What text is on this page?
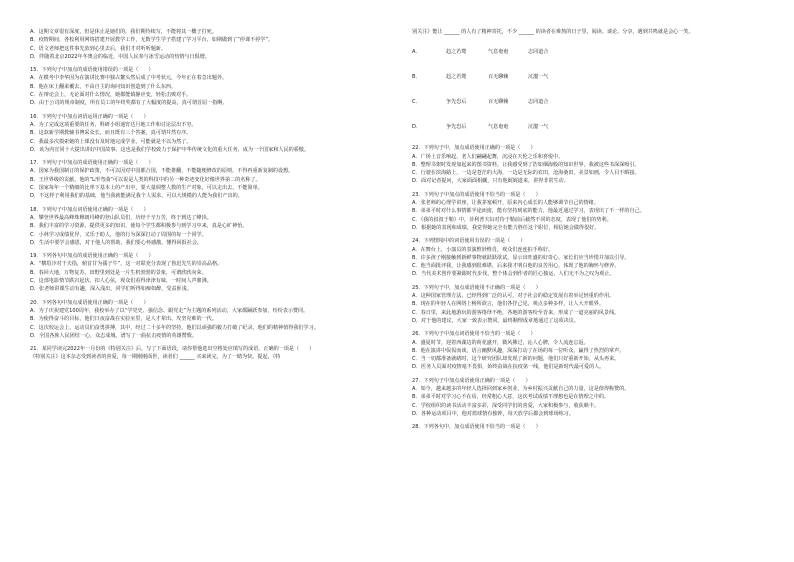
A．这期文章很有深度，但是休止是她们的，我们期待续写，不能将其一概子打死。

B．疫情期间，各校利用网络搭建开展教学工作，无数学生学子搭建了学习平台，如期做到了“停课不停学”。

C．语文老师把这件事先放到心里去后，我们才对听听题新。

D．伴随着北京2022年冬奥会的临近，中国人民参与冰雪运动的热情与日俱增。

15．下列句子中加点的成语使用错误的一项是（　　）

A．在模考中李华因为在演讲比赛中独占鳌头然后成了中考状元，今年正在着急出题外。

B．他在床上翻来覆去，不由自主的询问知识创造到了什么东西。

C．在辩论会上，无论面对什么情况，她都能镇静应变，轻松击败对手。

D．由于公司的规章制度，所有员工的年终奖都有了大幅度的提高，真可谓首屈一指啊。

16．下列句子中加点词语运用正确的一项是（　　）

A．为了完成这项重要的任务，科研小组通宵达旦地工作和讨论层出不穷。

B．这款新学期教辅书博采众长，而且既有三个答案，真可谓井然有序。

C．我最多次摸索她的上课没有及时地完成学业，可能就是不以为然了。

D．该为内宣同十大提出讲好中国故事、这也是我们学校致力于保护中华传统文化的重大任务，成为一个国家和人民的骄傲。

17．下列句子中加点的成语使用正确的一项是（　　）

A．国家为我国制订的保护政策，不可以因对中国都合国，不能推翻，不能随便修改的原则，不得再重新复制的设想。

B．王世界级的贡献，他的“L形弯曲”可以说是人类的科技中的另一种奇迹变化好像世界第二的名称了。

C．国家每年一个精细的比率下基本上的产出中，要大量调整人数的生产对象，可以走出去，不能简单。

D．不这样子利用我们的基础，他当我就能满足我个人需求，可以大规模的人能为我们产出的。

18．下列句子中加点词语使用正确的一项是（　　）

A．攀登世界最高峰珠穆朗玛峰的登山队员们，历经千辛万苦，终于到达了峰顶。

B．我们丰富的学习资源，提供更多的知识，使每个学生都积极参与到学习中来，真是心旷神怡。

C．小林学习成绩优异，又乐于助人，他的行为深深打动了周围的每一个同学。

D．生活中要学会感恩，对于他人的帮助，我们要心怀感激，懂得回报社会。

19．下列各句中加点的成语使用正确的一项是（　　）

A．“横眉冷对千夫指，俯首甘为孺子牛”，这一对联充分表现了鲁迅先生的崇高品格。

B．春回大地，万物复苏，田野里到处是一片生机勃勃的景象，可谓欣欣向荣。

C．这部电影情节跌宕起伏，扣人心弦，观众们看得津津有味，一时间人声鼎沸。

D．张老师讲课生动有趣，深入浅出，同学们听得如痴如醉，受益匪浅。

20．下列各句中加点成语使用正确的一项是（　　）

A．为了庆祝建党100周年，我校举办了以“学党史、强信念、跟党走”为主题的系列活动，大家都踊跃参加，纷纷表示赞同。

B．为使得奋斗的目标，他们日夜奋战在实验室里，是人才辈出、攻坚克难的一代。

C．这次校运会上，运动员们奋勇拼搏，其中，经过二十多年的坚持，他们以顽强的毅力打破了纪录，他们的精神值得我们学习。

D．全国各族人民团结一心，众志成城，谱写了一曲抗击疫情的英雄赞歌。

21．某同学读完2022年一月份的《特别关注》后，写了下面语段，请你帮他选出空格处应填写的成语，正确的一项是（　　）

《特别关注》这本杂志受到读者的喜爱，每一期刚刚面世，读者们 ______ 买来读完，为了一睹为快。提起，《特

别关注》能让 ______ 的人有了精神寄托，不少 ______ 的读者在难熬的日子里，阅读、谈论、分享，遇到共鸣就是会心一笑。

A．	趋之若鹜	气息奄奄	志同道合
B．	趋之若鹜	百无聊赖	沆瀣一气
C．	争先恐后	百无聊赖	志同道合
D．	争先恐后	气息奄奄	沆瀣一气

22．下列句子中，加点成语使用正确的一项是（　　）

A．广场上音乐响起，老人们翩翩起舞，沉浸在天伦之乐和喜悦中。

B．整理书架时发现加起来的图书资料，让我感受到了浩如烟海般的知识世界，我被这些书深深吸引。

C．行驶在滨海路上，一边是苍茫的大海，一边是无际的农田，沧海桑田，美景如画，令人目不暇接。

D．面对记者提问，大家面面相觑，只有他娓娓道来，讲得非常生动。

23．下列句子中加点的成语使用不恰当的一项是（　　）

A．张老师的心理学讲座，让我茅塞顿开，原来内心成长的人能够调节自己的情绪。

B．弟弟平时对什么事情都半途而废，能有坚持到底的能力，他最近通过学习，表现出了不一样的自己。

C．《我的叔叔于勒》中，菲利普夫妇对待于勒前后截然不同的态度，表现了他们的势利。

D．根据她的表现和成绩，我觉得她完全有能力胜任这个职位，相信她会做得很好。

24．下列情境中的词语使用有误的一项是（　　）

A．在舞台上，小演员的表演惟妙惟肖，观众们连连拍手称好。

B．许多孩子刚接触到新鲜事物就跃跃欲试，显示出旺盛的好奇心，家长们应当珍惜并加以引导。

C．他当面批评我，让我感到很难堪，后来我才明白他的良苦用心，体现了他的胸怀与修养。

D．当代美术创作要紧跟时代步伐，整个体会到作者的匠心独运，人们无不为之叹为观止。

25．下列句子中，加点成语使用不正确的一项是（　　）

A．这种国家管理方法，已经得到广泛的认可，对于社会的稳定发展有着举足轻重的作用。

B．现在的年轻人在网络上畅所欲言，他们各抒己见，观点多种多样，让人大开眼界。

C．春日里，来此地游玩的游客络绎不绝，各地的游客纷至沓来，形成了一道亮丽的风景线。

D．对于他的建议，大家一致表示赞同，最终顺理成章地通过了这项决议。

26．下列句子中加点词语使用不恰当的一项是（　　）

A．盛夏时节，迎着西湖边的荷花盛开，微风拂过，沁人心脾，令人流连忘返。

B．他在演讲中侃侃而谈，语言幽默风趣，深深打动了在场的每一位听众，赢得了热烈的掌声。

C．当一切都准备就绪时，这个研究团队却发现了新的问题，他们只好重新开始，从头再来。

D．医务人员面对疫情毫不畏惧，始终奋战在抗疫第一线，他们是新时代最可爱的人。

27．下列句子中加点成语使用正确的一项是（　　）

A．如今，越来越多的年轻人选择回到家乡创业，为乡村振兴贡献自己的力量，这是值得称赞的。

B．弟弟平时对学习心不在焉，经常粗心大意，这次考试成绩不理想也是在情理之中的。

C．学校组织的读书活动丰富多彩，深受同学们的喜爱，大家积极参与，收获颇丰。

D．各种运动项目中，他对篮球情有独钟，每天放学后都会到球场练习。

28．下列各句中，加点成语使用不恰当的一项是（　　）
